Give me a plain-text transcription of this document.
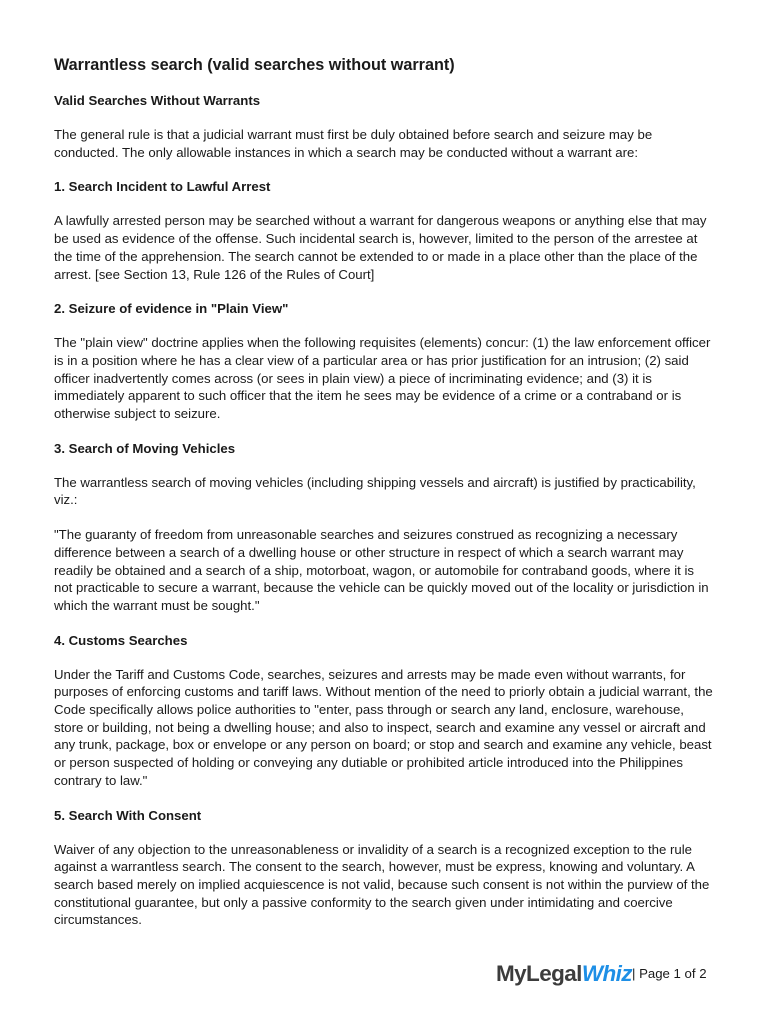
Warrantless search (valid searches without warrant)
Valid Searches Without Warrants
The general rule is that a judicial warrant must first be duly obtained before search and seizure may be conducted. The only allowable instances in which a search may be conducted without a warrant are:
1. Search Incident to Lawful Arrest
A lawfully arrested person may be searched without a warrant for dangerous weapons or anything else that may be used as evidence of the offense. Such incidental search is, however, limited to the person of the arrestee at the time of the apprehension. The search cannot be extended to or made in a place other than the place of the arrest. [see Section 13, Rule 126 of the Rules of Court]
2. Seizure of evidence in "Plain View"
The "plain view" doctrine applies when the following requisites (elements) concur: (1) the law enforcement officer is in a position where he has a clear view of a particular area or has prior justification for an intrusion; (2) said officer inadvertently comes across (or sees in plain view) a piece of incriminating evidence; and (3) it is immediately apparent to such officer that the item he sees may be evidence of a crime or a contraband or is otherwise subject to seizure.
3. Search of Moving Vehicles
The warrantless search of moving vehicles (including shipping vessels and aircraft) is justified by practicability, viz.:
"The guaranty of freedom from unreasonable searches and seizures construed as recognizing a necessary difference between a search of a dwelling house or other structure in respect of which a search warrant may readily be obtained and a search of a ship, motorboat, wagon, or automobile for contraband goods, where it is not practicable to secure a warrant, because the vehicle can be quickly moved out of the locality or jurisdiction in which the warrant must be sought."
4. Customs Searches
Under the Tariff and Customs Code, searches, seizures and arrests may be made even without warrants, for purposes of enforcing customs and tariff laws. Without mention of the need to priorly obtain a judicial warrant, the Code specifically allows police authorities to "enter, pass through or search any land, enclosure, warehouse, store or building, not being a dwelling house; and also to inspect, search and examine any vessel or aircraft and any trunk, package, box or envelope or any person on board; or stop and search and examine any vehicle, beast or person suspected of holding or conveying any dutiable or prohibited article introduced into the Philippines contrary to law."
5. Search With Consent
Waiver of any objection to the unreasonableness or invalidity of a search is a recognized exception to the rule against a warrantless search. The consent to the search, however, must be express, knowing and voluntary. A search based merely on implied acquiescence is not valid, because such consent is not within the purview of the constitutional guarantee, but only a passive conformity to the search given under intimidating and coercive circumstances.
MyLegalWhiz | Page 1 of 2
